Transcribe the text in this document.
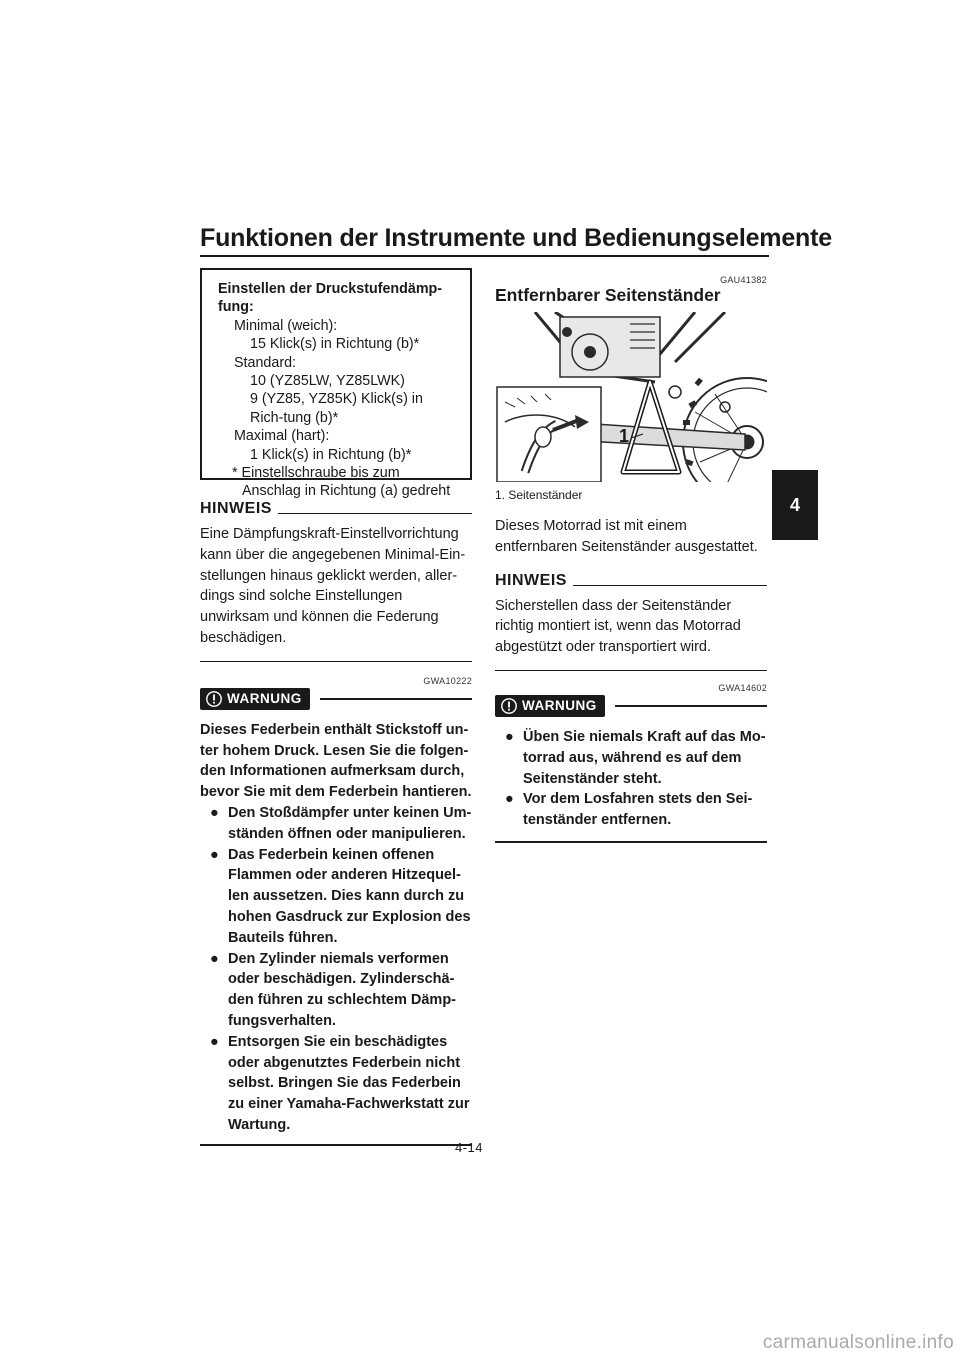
Funktionen der Instrumente und Bedienungselemente
4
Einstellen der Druckstufendämp-fung:
Minimal (weich):
15 Klick(s) in Richtung (b)*
Standard:
10 (YZ85LW, YZ85LWK)
9 (YZ85, YZ85K) Klick(s) in Rich-tung (b)*
Maximal (hart):
1 Klick(s) in Richtung (b)*
* Einstellschraube bis zum Anschlag in Richtung (a) gedreht
HINWEIS
Eine Dämpfungskraft-Einstellvorrichtung kann über die angegebenen Minimal-Ein-stellungen hinaus geklickt werden, aller-dings sind solche Einstellungen unwirksam und können die Federung beschädigen.
GWA10222
WARNUNG
Dieses Federbein enthält Stickstoff un-ter hohem Druck. Lesen Sie die folgen-den Informationen aufmerksam durch, bevor Sie mit dem Federbein hantieren.
● Den Stoßdämpfer unter keinen Um-ständen öffnen oder manipulieren.
● Das Federbein keinen offenen Flammen oder anderen Hitzequel-len aussetzen. Dies kann durch zu hohen Gasdruck zur Explosion des Bauteils führen.
● Den Zylinder niemals verformen oder beschädigen. Zylinderschä-den führen zu schlechtem Dämp-fungsverhalten.
● Entsorgen Sie ein beschädigtes oder abgenutztes Federbein nicht selbst. Bringen Sie das Federbein zu einer Yamaha-Fachwerkstatt zur Wartung.
GAU41382
Entfernbarer Seitenständer
1
1. Seitenständer
Dieses Motorrad ist mit einem entfernbaren Seitenständer ausgestattet.
HINWEIS
Sicherstellen dass der Seitenständer richtig montiert ist, wenn das Motorrad abgestützt oder transportiert wird.
GWA14602
WARNUNG
● Üben Sie niemals Kraft auf das Mo-torrad aus, während es auf dem Seitenständer steht.
● Vor dem Losfahren stets den Sei-tenständer entfernen.
4-14
carmanualsonline.info
